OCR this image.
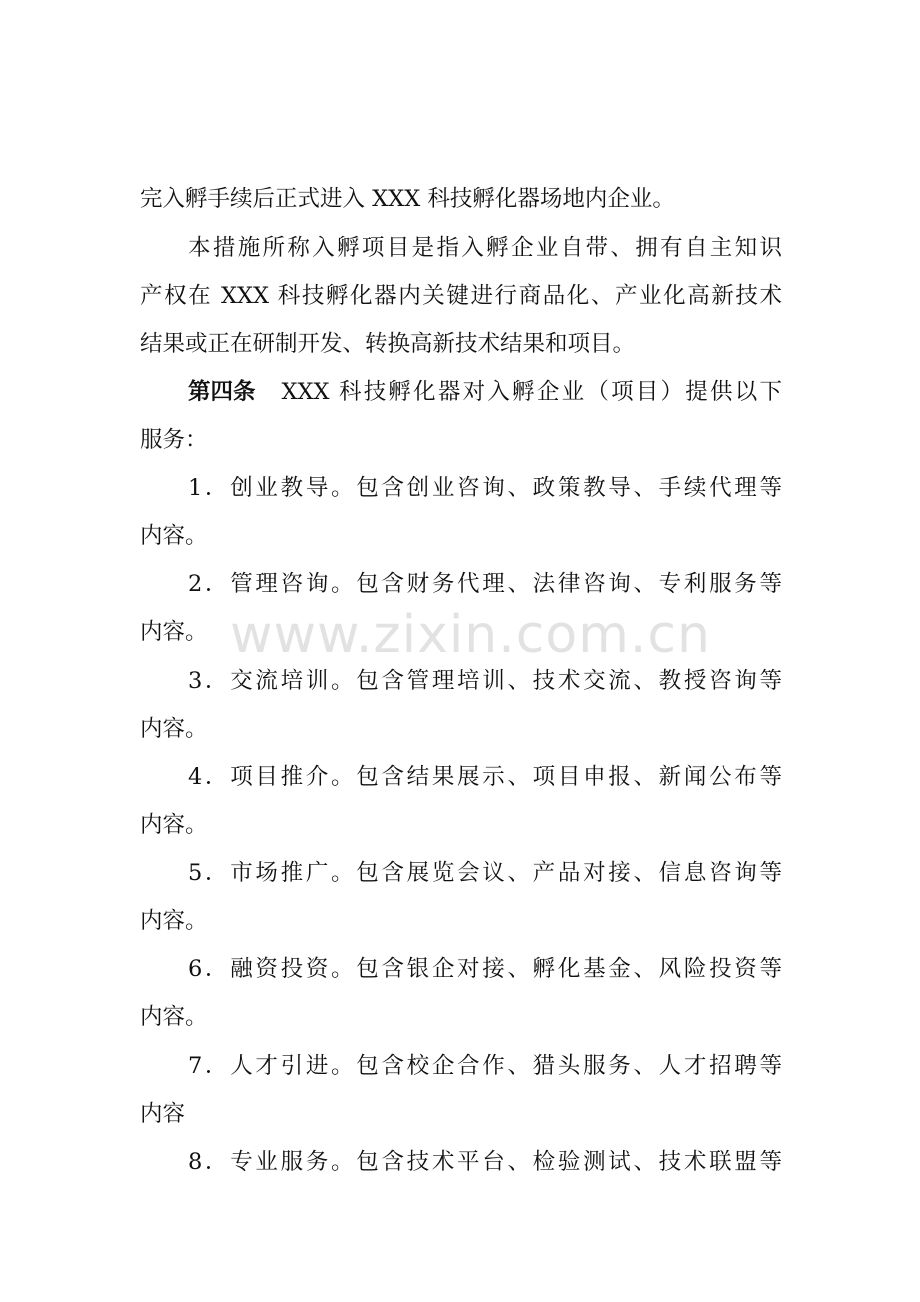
完入孵手续后正式进入 XXX 科技孵化器场地内企业。
本措施所称入孵项目是指入孵企业自带、拥有自主知识
产权在 XXX 科技孵化器内关键进行商品化、产业化高新技术
结果或正在研制开发、转换高新技术结果和项目。
第四条 XXX 科技孵化器对入孵企业（项目）提供以下
服务：
1．创业教导。包含创业咨询、政策教导、手续代理等
内容。
2．管理咨询。包含财务代理、法律咨询、专利服务等
内容。
3．交流培训。包含管理培训、技术交流、教授咨询等
内容。
4．项目推介。包含结果展示、项目申报、新闻公布等
内容。
5．市场推广。包含展览会议、产品对接、信息咨询等
内容。
6．融资投资。包含银企对接、孵化基金、风险投资等
内容。
7．人才引进。包含校企合作、猎头服务、人才招聘等
内容
8．专业服务。包含技术平台、检验测试、技术联盟等
www.zixin.com.cn
